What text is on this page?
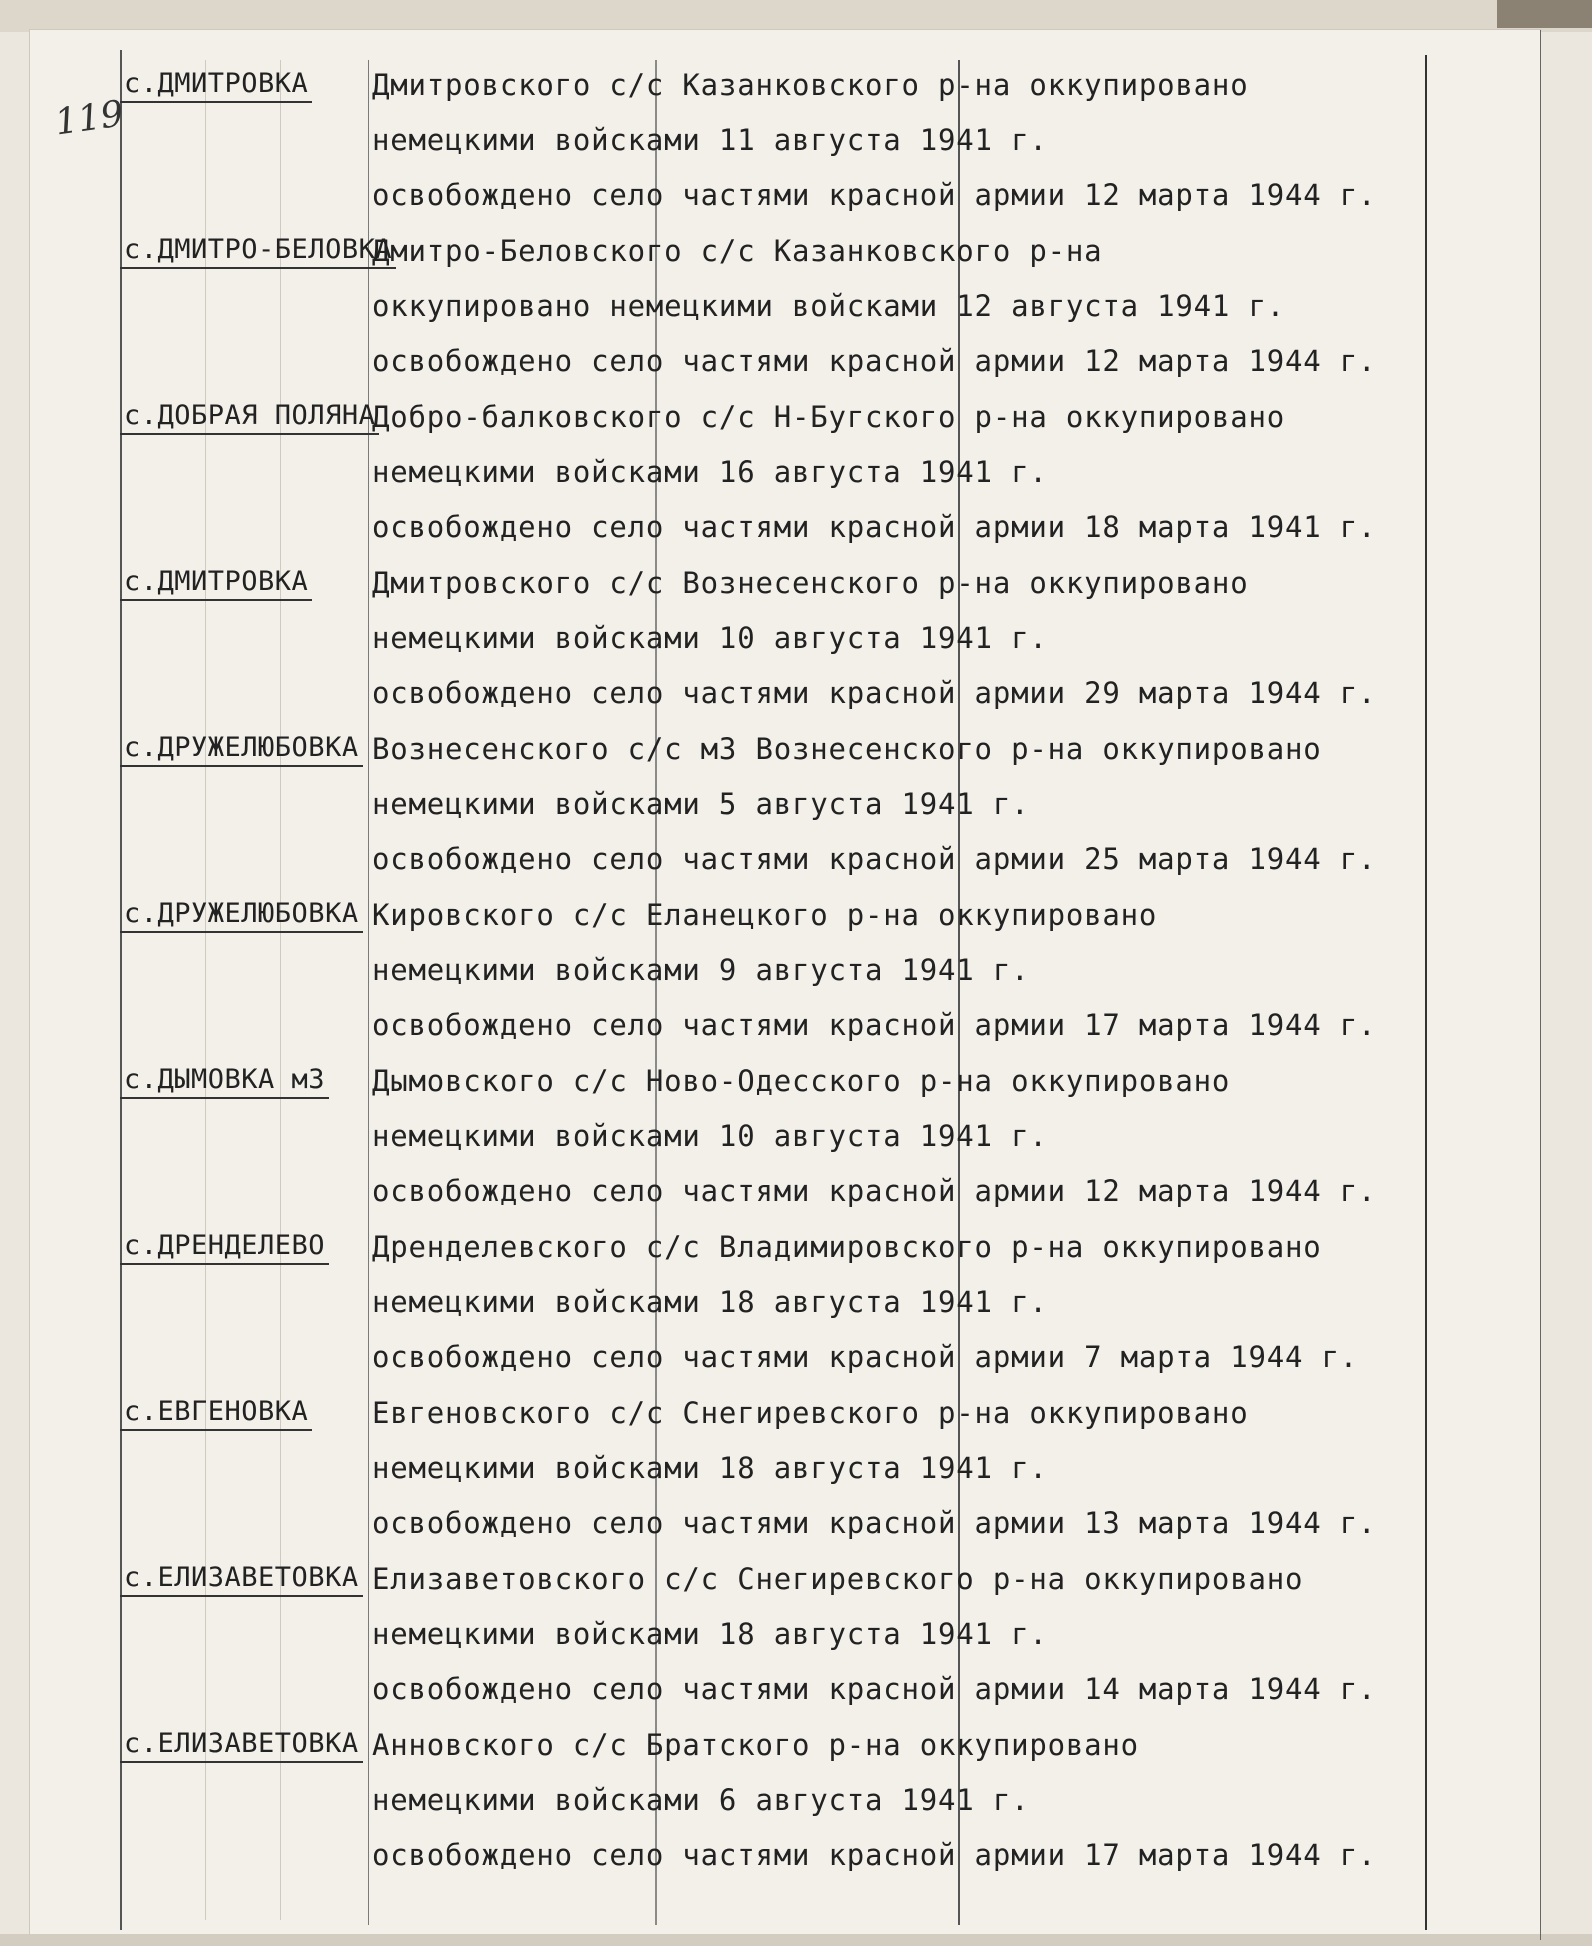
119
с.ДМИТРОВКА Дмитровского с/с Казанковского р-на оккупировано
немецкими войсками 11 августа 1941 г.
освобождено село частями красной армии 12 марта 1944 г.
с.ДМИТРО-БЕЛОВКА
Дмитро-Беловского с/с Казанковского р-на
оккупировано немецкими войсками 12 августа 1941 г.
освобождено село частями красной армии 12 марта 1944 г.
с.ДОБРАЯ ПОЛЯНА
Добро-балковского с/с Н-Бугского р-на оккупировано
немецкими войсками 16 августа 1941 г.
освобождено село частями красной армии 18 марта 1941 г.
с.ДМИТРОВКА Дмитровского с/с Вознесенского р-на оккупировано
немецкими войсками 10 августа 1941 г.
освобождено село частями красной армии 29 марта 1944 г.
с.ДРУЖЕЛЮБОВКА Вознесенского с/с м3 Вознесенского р-на оккупировано
немецкими войсками 5 августа 1941 г.
освобождено село частями красной армии 25 марта 1944 г.
с.ДРУЖЕЛЮБОВКА Кировского с/с Еланецкого р-на оккупировано
немецкими войсками 9 августа 1941 г.
освобождено село частями красной армии 17 марта 1944 г.
с.ДЫМОВКА м3 Дымовского с/с Ново-Одесского р-на оккупировано
немецкими войсками 10 августа 1941 г.
освобождено село частями красной армии 12 марта 1944 г.
с.ДРЕНДЕЛЕВО Дренделевского с/с Владимировского р-на оккупировано
немецкими войсками 18 августа 1941 г.
освобождено село частями красной армии 7 марта 1944 г.
с.ЕВГЕНОВКА Евгеновского с/с Снегиревского р-на оккупировано
немецкими войсками 18 августа 1941 г.
освобождено село частями красной армии 13 марта 1944 г.
с.ЕЛИЗАВЕТОВКА Елизаветовского с/с Снегиревского р-на оккупировано
немецкими войсками 18 августа 1941 г.
освобождено село частями красной армии 14 марта 1944 г.
с.ЕЛИЗАВЕТОВКА Анновского с/с Братского р-на оккупировано
немецкими войсками 6 августа 1941 г.
освобождено село частями красной армии 17 марта 1944 г.
